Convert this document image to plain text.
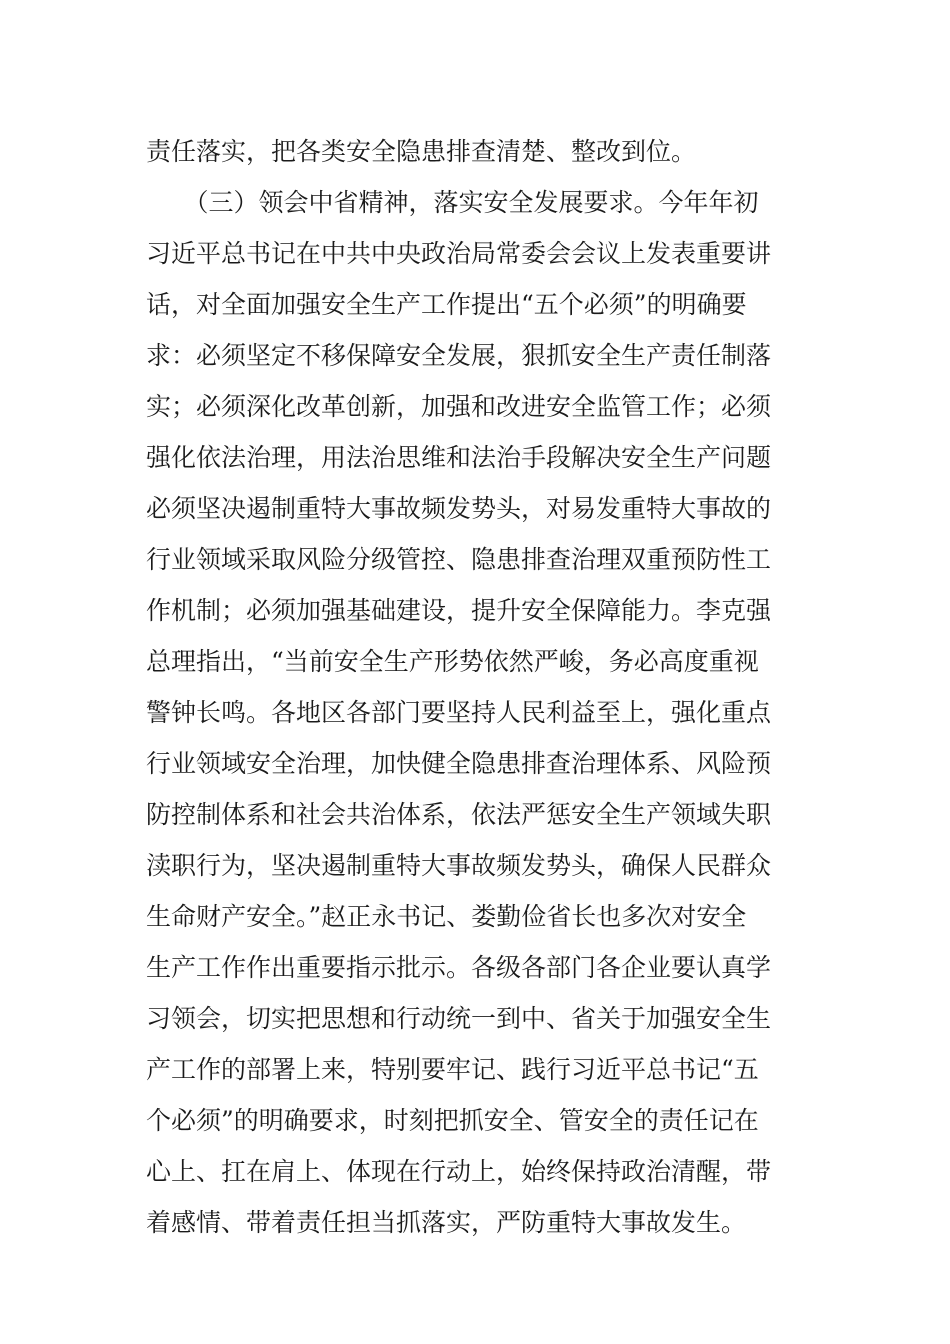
责任落实，把各类安全隐患排查清楚、整改到位。
　　（三）领会中省精神，落实安全发展要求。今年年初
习近平总书记在中共中央政治局常委会会议上发表重要讲
话，对全面加强安全生产工作提出“五个必须”的明确要
求：必须坚定不移保障安全发展，狠抓安全生产责任制落
实；必须深化改革创新，加强和改进安全监管工作；必须
强化依法治理，用法治思维和法治手段解决安全生产问题
必须坚决遏制重特大事故频发势头，对易发重特大事故的
行业领域采取风险分级管控、隐患排查治理双重预防性工
作机制；必须加强基础建设，提升安全保障能力。李克强
总理指出，“当前安全生产形势依然严峻，务必高度重视
警钟长鸣。各地区各部门要坚持人民利益至上，强化重点
行业领域安全治理，加快健全隐患排查治理体系、风险预
防控制体系和社会共治体系，依法严惩安全生产领域失职
渎职行为，坚决遏制重特大事故频发势头，确保人民群众
生命财产安全。”赵正永书记、娄勤俭省长也多次对安全
生产工作作出重要指示批示。各级各部门各企业要认真学
习领会，切实把思想和行动统一到中、省关于加强安全生
产工作的部署上来，特别要牢记、践行习近平总书记“五
个必须”的明确要求，时刻把抓安全、管安全的责任记在
心上、扛在肩上、体现在行动上，始终保持政治清醒，带
着感情、带着责任担当抓落实，严防重特大事故发生。
